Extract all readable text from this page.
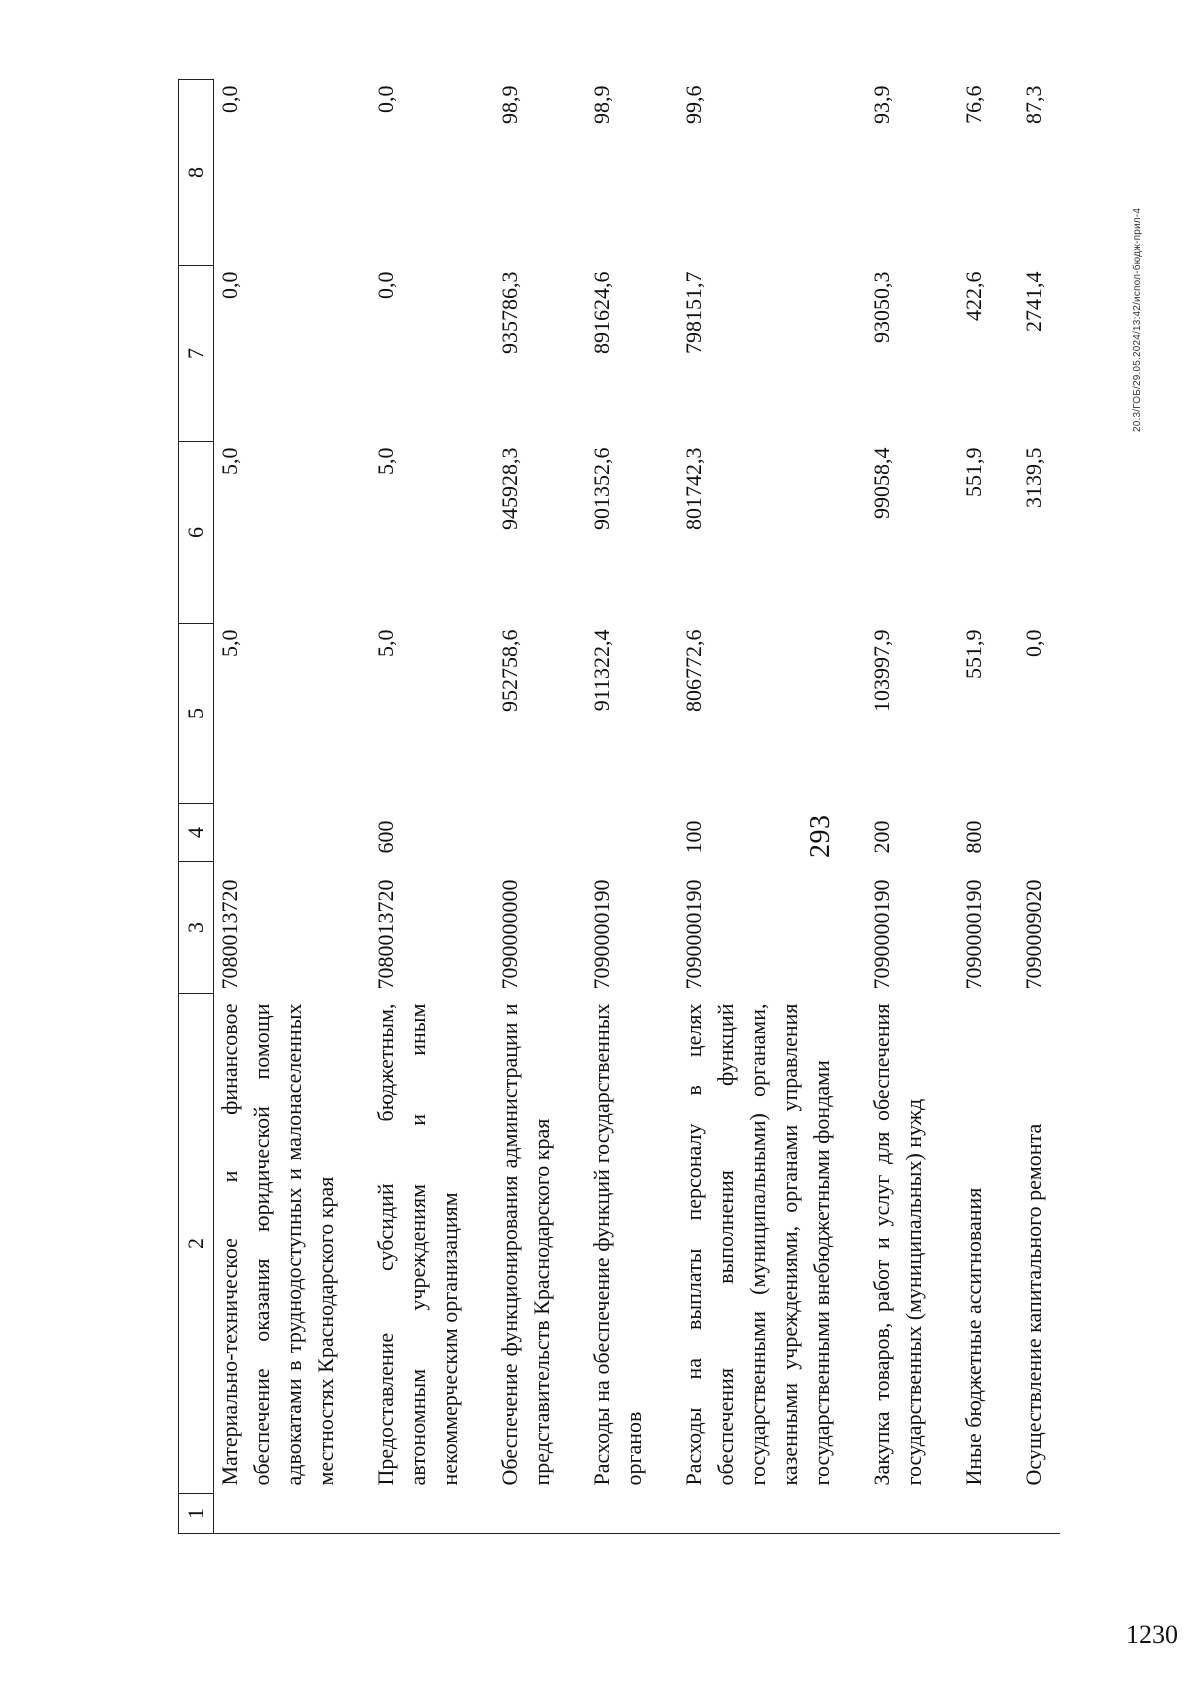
293
1	2	3	4	5	6	7	8
	Материально-техническое и финансовое обеспечение оказания юридической помощи адвокатами в труднодоступных и малонаселенных местностях Краснодарского края	7080013720		5,0	5,0	0,0	0,0
	Предоставление субсидий бюджетным, автономным учреждениям и иным некоммерческим организациям	7080013720	600	5,0	5,0	0,0	0,0
	Обеспечение функционирования администрации и представительств Краснодарского края	7090000000		952758,6	945928,3	935786,3	98,9
	Расходы на обеспечение функций государственных органов	7090000190		911322,4	901352,6	891624,6	98,9
	Расходы на выплаты персоналу в целях обеспечения выполнения функций государственными (муниципальными) органами, казенными учреждениями, органами управления государственными внебюджетными фондами	7090000190	100	806772,6	801742,3	798151,7	99,6
	Закупка товаров, работ и услуг для обеспечения государственных (муниципальных) нужд	7090000190	200	103997,9	99058,4	93050,3	93,9
	Иные бюджетные ассигнования	7090000190	800	551,9	551,9	422,6	76,6
	Осуществление капитального ремонта	7090009020		0,0	3139,5	2741,4	87,3
20.3/ГОБ/29.05.2024/13:42/испол-бюдж-прил-4
1230
